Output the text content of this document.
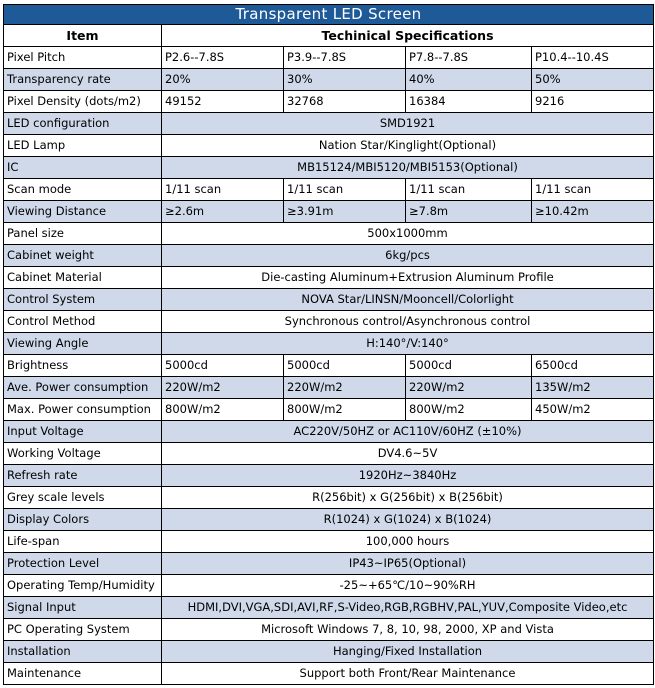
Transparent LED Screen				
Item	Techinical Specifications			
Pixel Pitch	P2.6--7.8S	P3.9--7.8S	P7.8--7.8S	P10.4--10.4S
Transparency rate	20%	30%	40%	50%
Pixel Density (dots/m2)	49152	32768	16384	9216
LED configuration	SMD1921			
LED Lamp	Nation Star/Kinglight(Optional)			
IC	MB15124/MBI5120/MBI5153(Optional)			
Scan mode	1/11 scan	1/11 scan	1/11 scan	1/11 scan
Viewing Distance	≥2.6m	≥3.91m	≥7.8m	≥10.42m
Panel size	500x1000mm			
Cabinet weight	6kg/pcs			
Cabinet Material	Die-casting Aluminum+Extrusion Aluminum Profile			
Control System	NOVA Star/LINSN/Mooncell/Colorlight			
Control Method	Synchronous control/Asynchronous control			
Viewing Angle	H:140°/V:140°			
Brightness	5000cd	5000cd	5000cd	6500cd
Ave. Power consumption	220W/m2	220W/m2	220W/m2	135W/m2
Max. Power consumption	800W/m2	800W/m2	800W/m2	450W/m2
Input Voltage	AC220V/50HZ or AC110V/60HZ (±10%)			
Working Voltage	DV4.6~5V			
Refresh rate	1920Hz~3840Hz			
Grey scale levels	R(256bit) x G(256bit) x B(256bit)			
Display Colors	R(1024) x G(1024) x B(1024)			
Life-span	100,000 hours			
Protection Level	IP43~IP65(Optional)			
Operating Temp/Humidity	-25~+65℃/10~90%RH			
Signal Input	HDMI,DVI,VGA,SDI,AVI,RF,S-Video,RGB,RGBHV,PAL,YUV,Composite Video,etc			
PC Operating System	Microsoft Windows 7, 8, 10, 98, 2000, XP and Vista			
Installation	Hanging/Fixed Installation			
Maintenance	Support both Front/Rear Maintenance			
